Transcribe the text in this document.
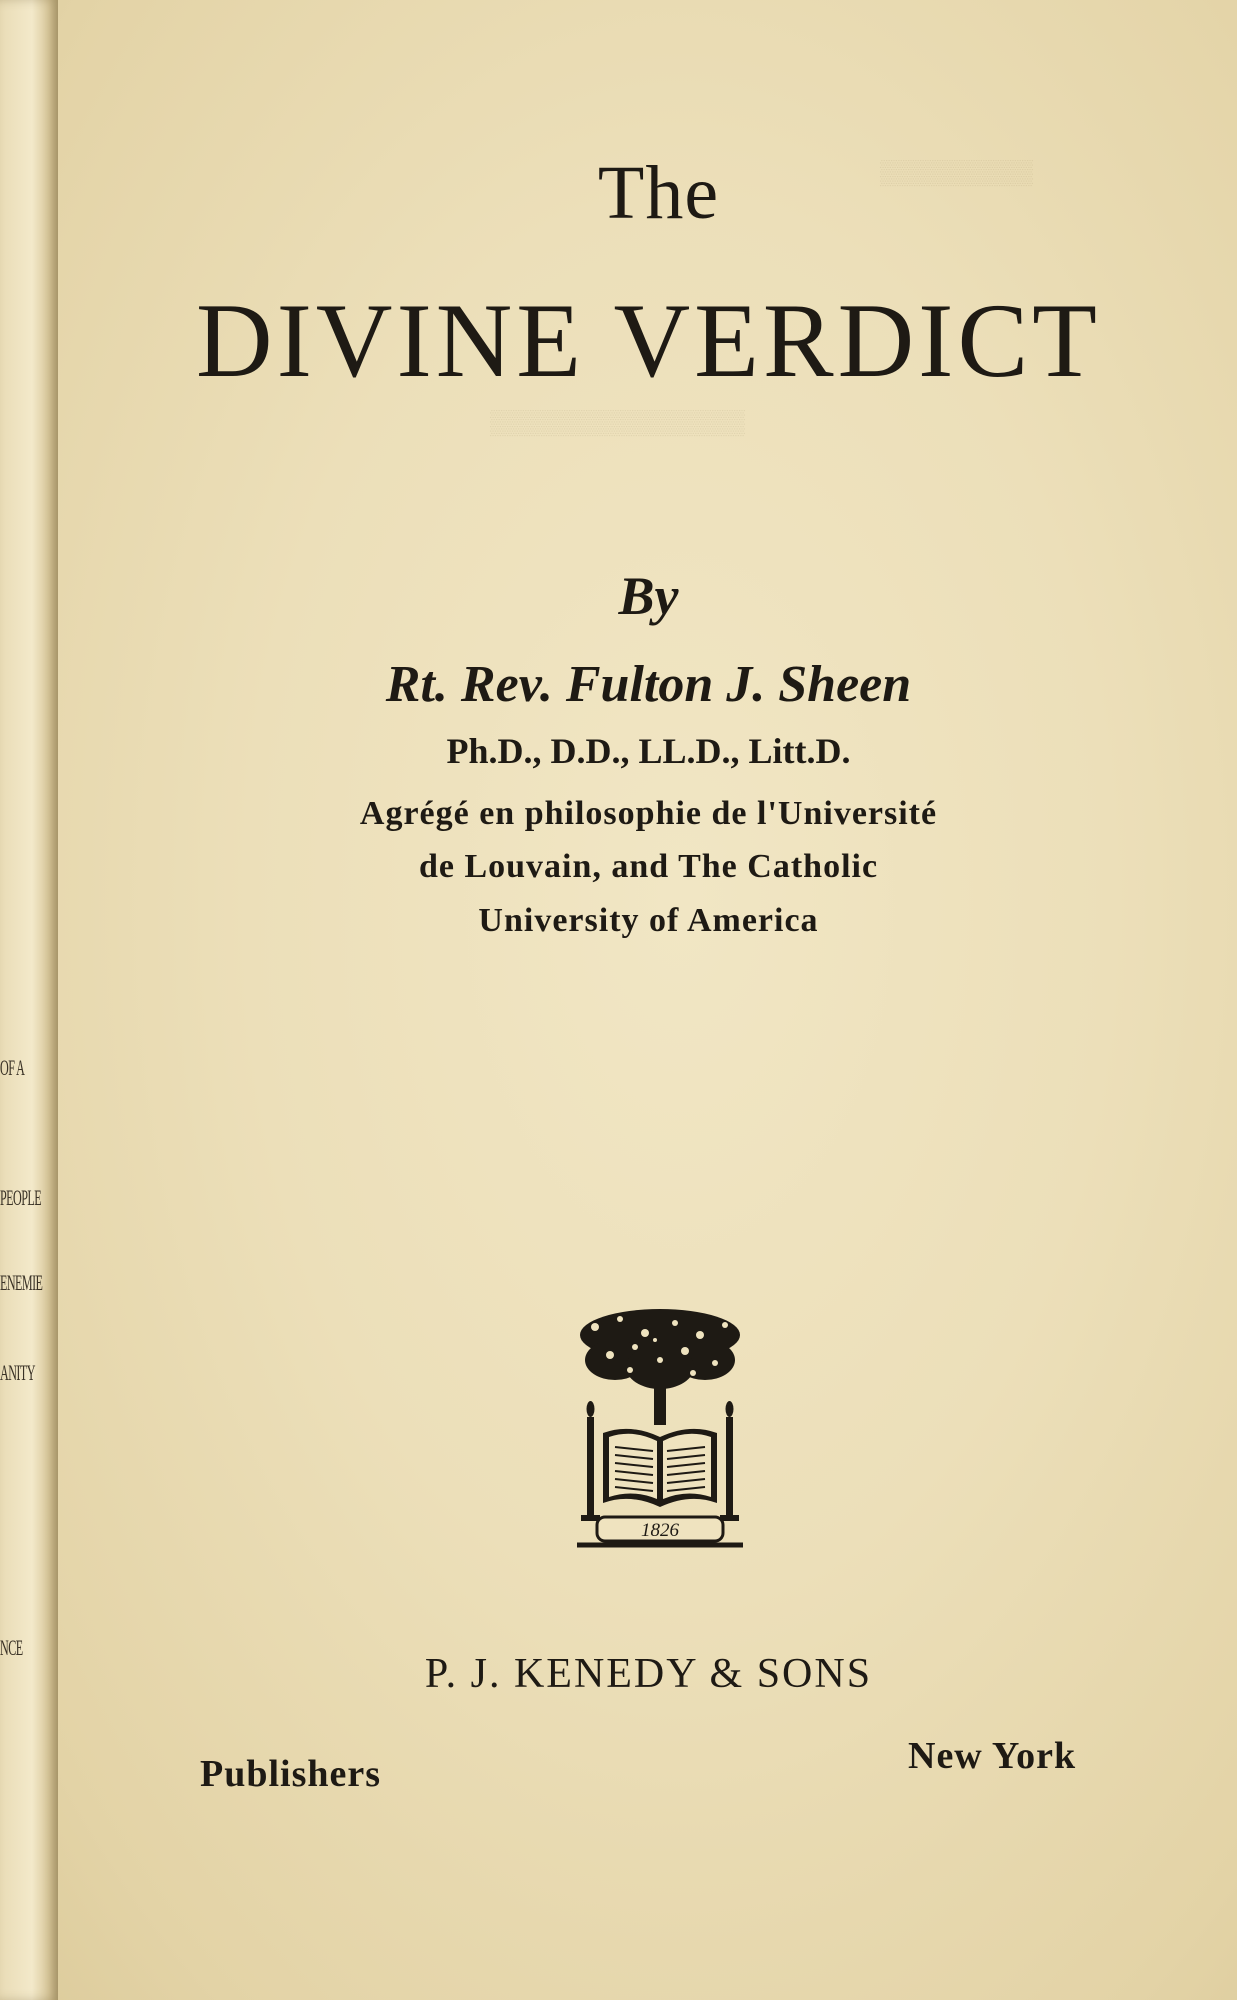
▒▒▒▒▒▒▒▒▒
▒▒▒▒▒▒▒▒▒▒▒▒▒▒▒
OF A
PEOPLE
ENEMIE
ANITY
NCE
The
DIVINE VERDICT
By
Rt. Rev. Fulton J. Sheen
Ph.D., D.D., LL.D., Litt.D.
Agrégé en philosophie de l'Université
de Louvain, and The Catholic
University of America
1826
P. J. KENEDY & SONS
Publishers	New York
